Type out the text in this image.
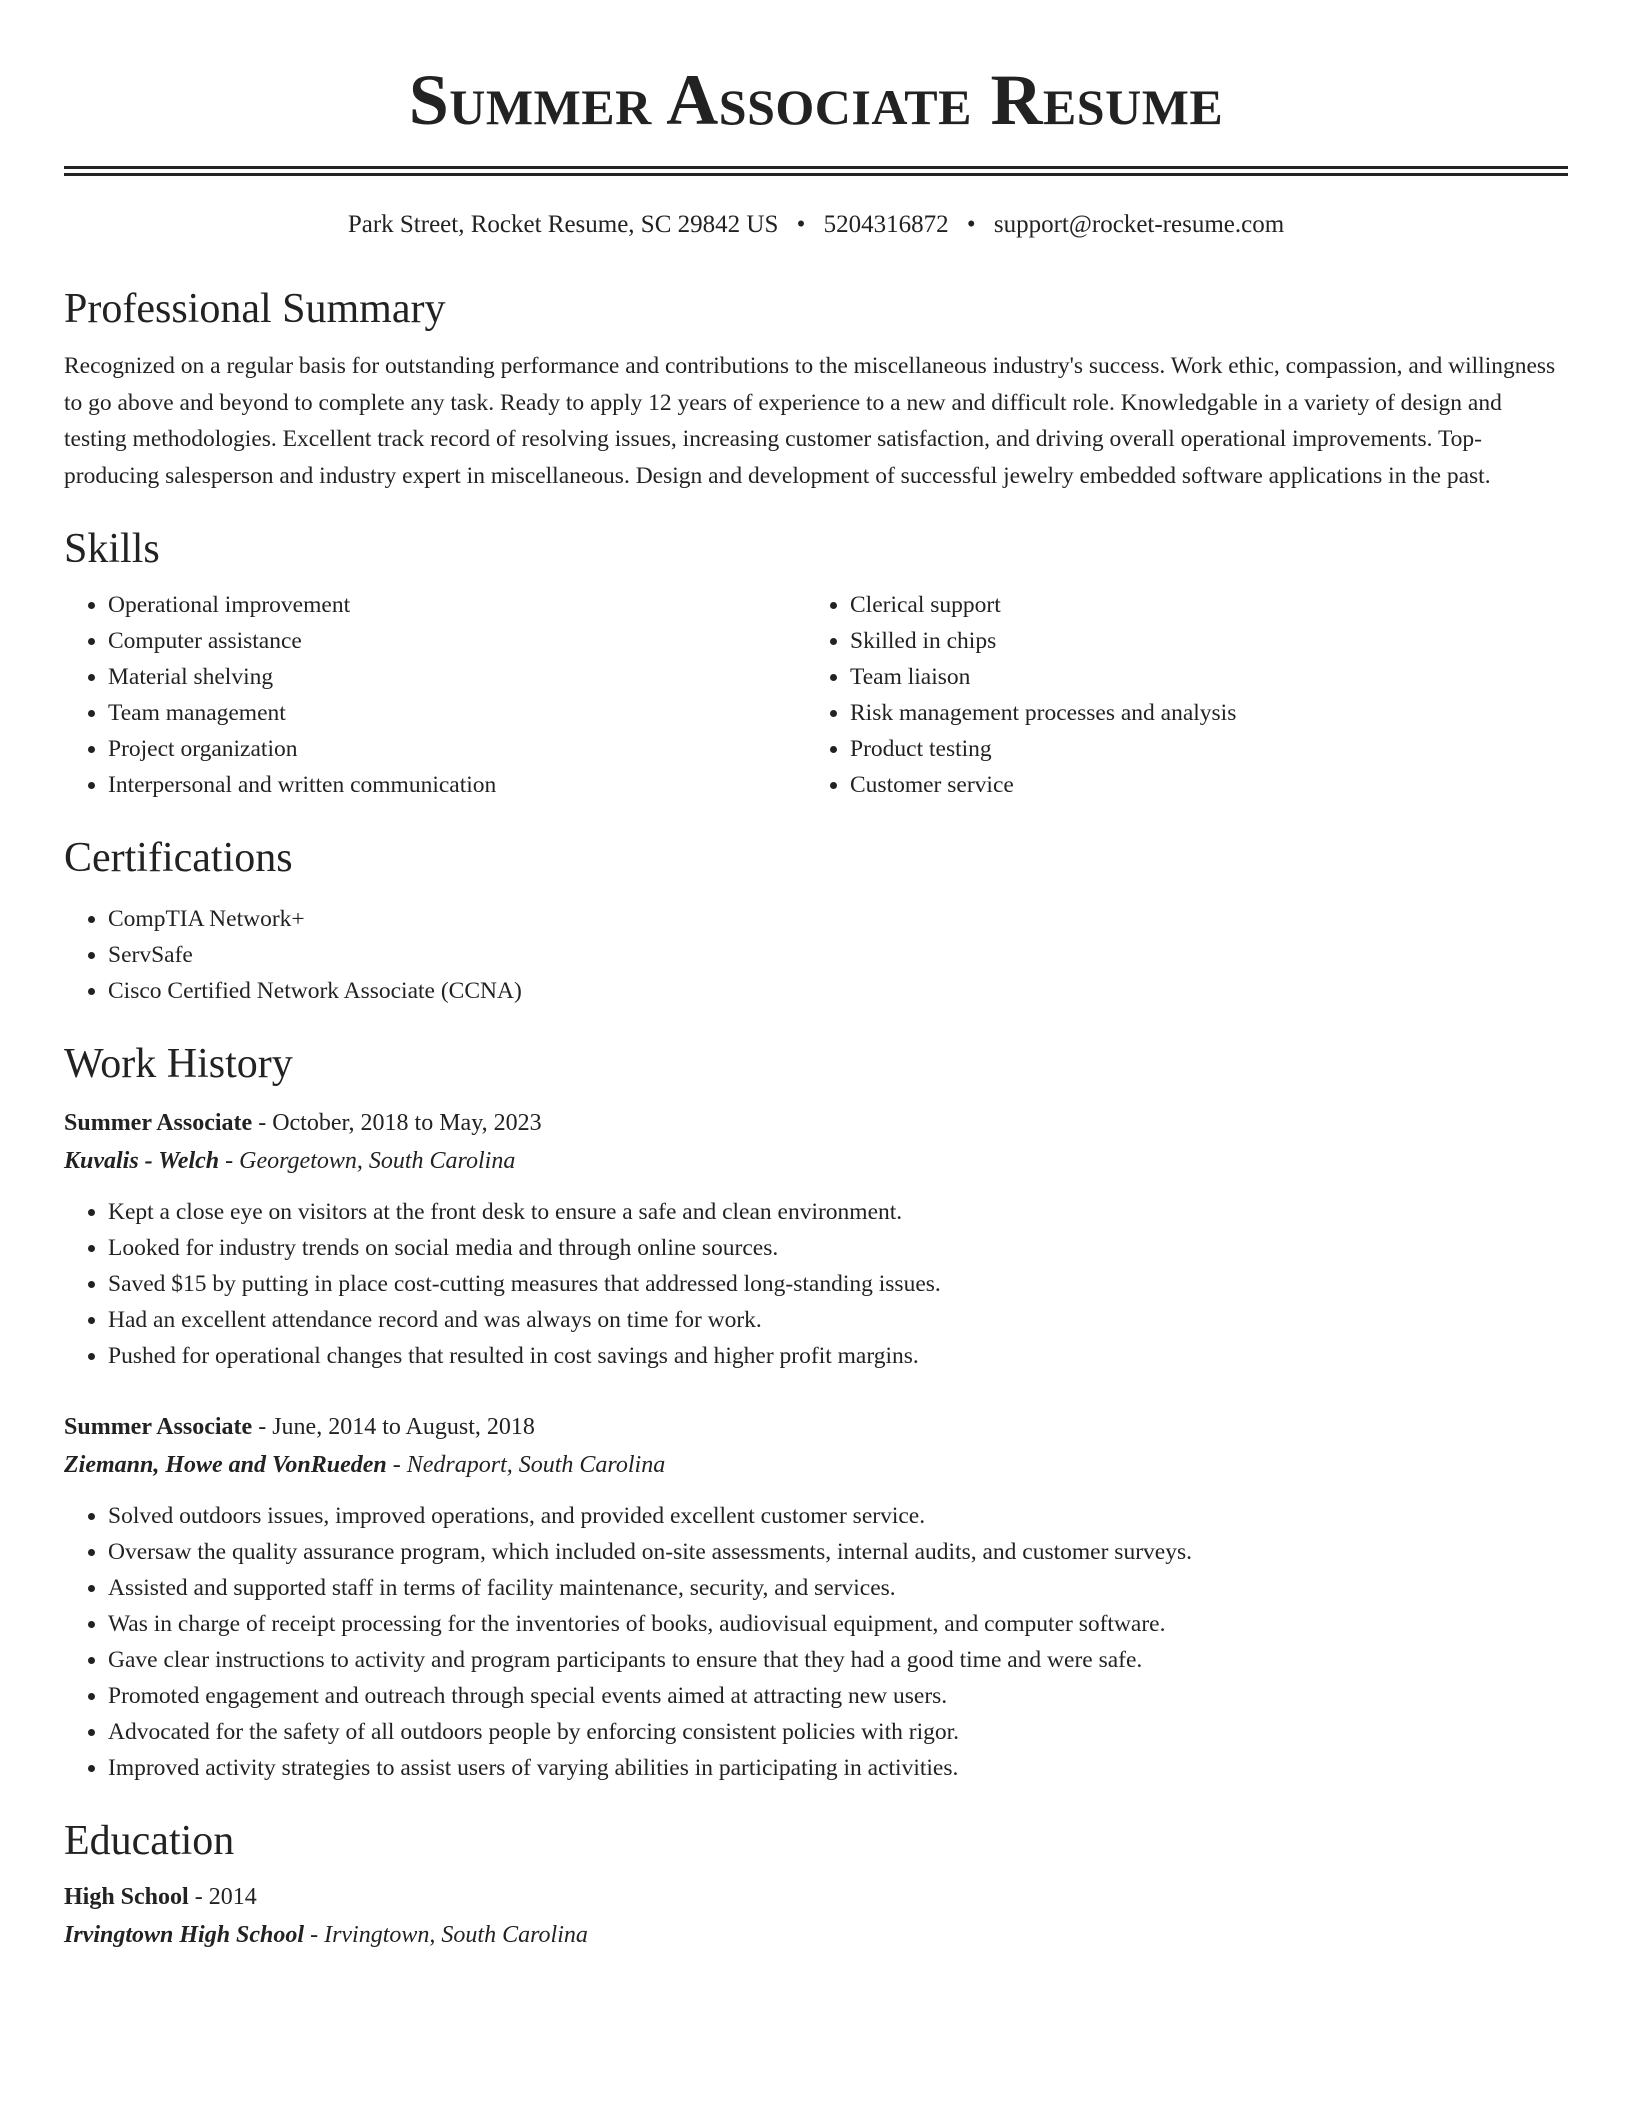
Summer Associate Resume
Park Street, Rocket Resume, SC 29842 US • 5204316872 • support@rocket-resume.com
Professional Summary
Recognized on a regular basis for outstanding performance and contributions to the miscellaneous industry's success. Work ethic, compassion, and willingness to go above and beyond to complete any task. Ready to apply 12 years of experience to a new and difficult role. Knowledgable in a variety of design and testing methodologies. Excellent track record of resolving issues, increasing customer satisfaction, and driving overall operational improvements. Top-producing salesperson and industry expert in miscellaneous. Design and development of successful jewelry embedded software applications in the past.
Skills
• Operational improvement
• Computer assistance
• Material shelving
• Team management
• Project organization
• Interpersonal and written communication
• Clerical support
• Skilled in chips
• Team liaison
• Risk management processes and analysis
• Product testing
• Customer service
Certifications
• CompTIA Network+
• ServSafe
• Cisco Certified Network Associate (CCNA)
Work History
Summer Associate - October, 2018 to May, 2023
Kuvalis - Welch - Georgetown, South Carolina
• Kept a close eye on visitors at the front desk to ensure a safe and clean environment.
• Looked for industry trends on social media and through online sources.
• Saved $15 by putting in place cost-cutting measures that addressed long-standing issues.
• Had an excellent attendance record and was always on time for work.
• Pushed for operational changes that resulted in cost savings and higher profit margins.
Summer Associate - June, 2014 to August, 2018
Ziemann, Howe and VonRueden - Nedraport, South Carolina
• Solved outdoors issues, improved operations, and provided excellent customer service.
• Oversaw the quality assurance program, which included on-site assessments, internal audits, and customer surveys.
• Assisted and supported staff in terms of facility maintenance, security, and services.
• Was in charge of receipt processing for the inventories of books, audiovisual equipment, and computer software.
• Gave clear instructions to activity and program participants to ensure that they had a good time and were safe.
• Promoted engagement and outreach through special events aimed at attracting new users.
• Advocated for the safety of all outdoors people by enforcing consistent policies with rigor.
• Improved activity strategies to assist users of varying abilities in participating in activities.
Education
High School - 2014
Irvingtown High School - Irvingtown, South Carolina
